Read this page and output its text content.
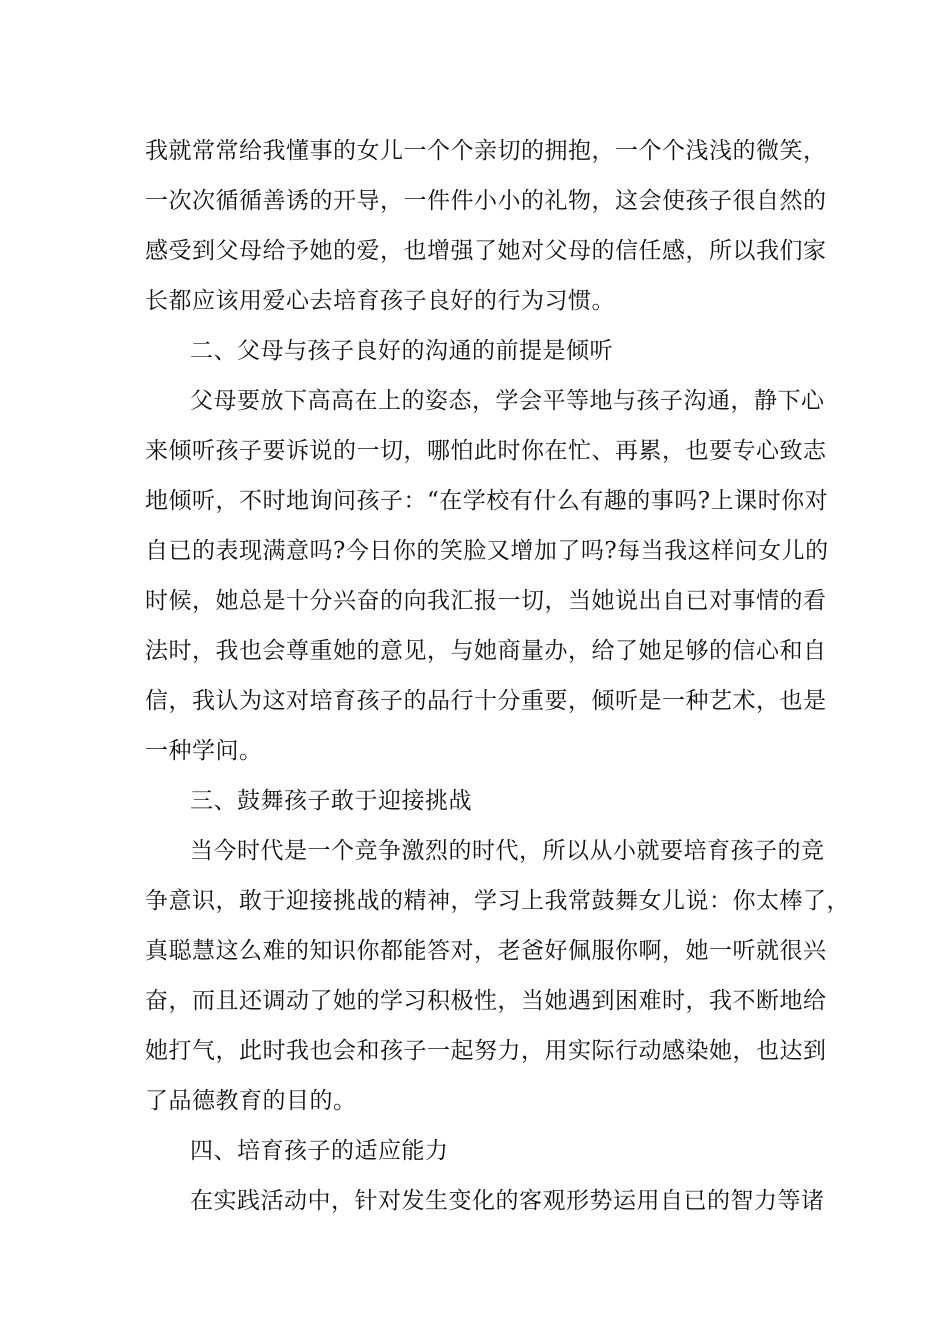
我就常常给我懂事的女儿一个个亲切的拥抱，一个个浅浅的微笑，
一次次循循善诱的开导，一件件小小的礼物，这会使孩子很自然的
感受到父母给予她的爱，也增强了她对父母的信任感，所以我们家
长都应该用爱心去培育孩子良好的行为习惯。
二、父母与孩子良好的沟通的前提是倾听
父母要放下高高在上的姿态，学会平等地与孩子沟通，静下心
来倾听孩子要诉说的一切，哪怕此时你在忙、再累，也要专心致志
地倾听，不时地询问孩子：“在学校有什么有趣的事吗?上课时你对
自已的表现满意吗?今日你的笑脸又增加了吗?每当我这样问女儿的
时候，她总是十分兴奋的向我汇报一切，当她说出自已对事情的看
法时，我也会尊重她的意见，与她商量办，给了她足够的信心和自
信，我认为这对培育孩子的品行十分重要，倾听是一种艺术，也是
一种学问。
三、鼓舞孩子敢于迎接挑战
当今时代是一个竞争激烈的时代，所以从小就要培育孩子的竞
争意识，敢于迎接挑战的精神，学习上我常鼓舞女儿说：你太棒了，
真聪慧这么难的知识你都能答对，老爸好佩服你啊，她一听就很兴
奋，而且还调动了她的学习积极性，当她遇到困难时，我不断地给
她打气，此时我也会和孩子一起努力，用实际行动感染她，也达到
了品德教育的目的。
四、培育孩子的适应能力
在实践活动中，针对发生变化的客观形势运用自已的智力等诸
